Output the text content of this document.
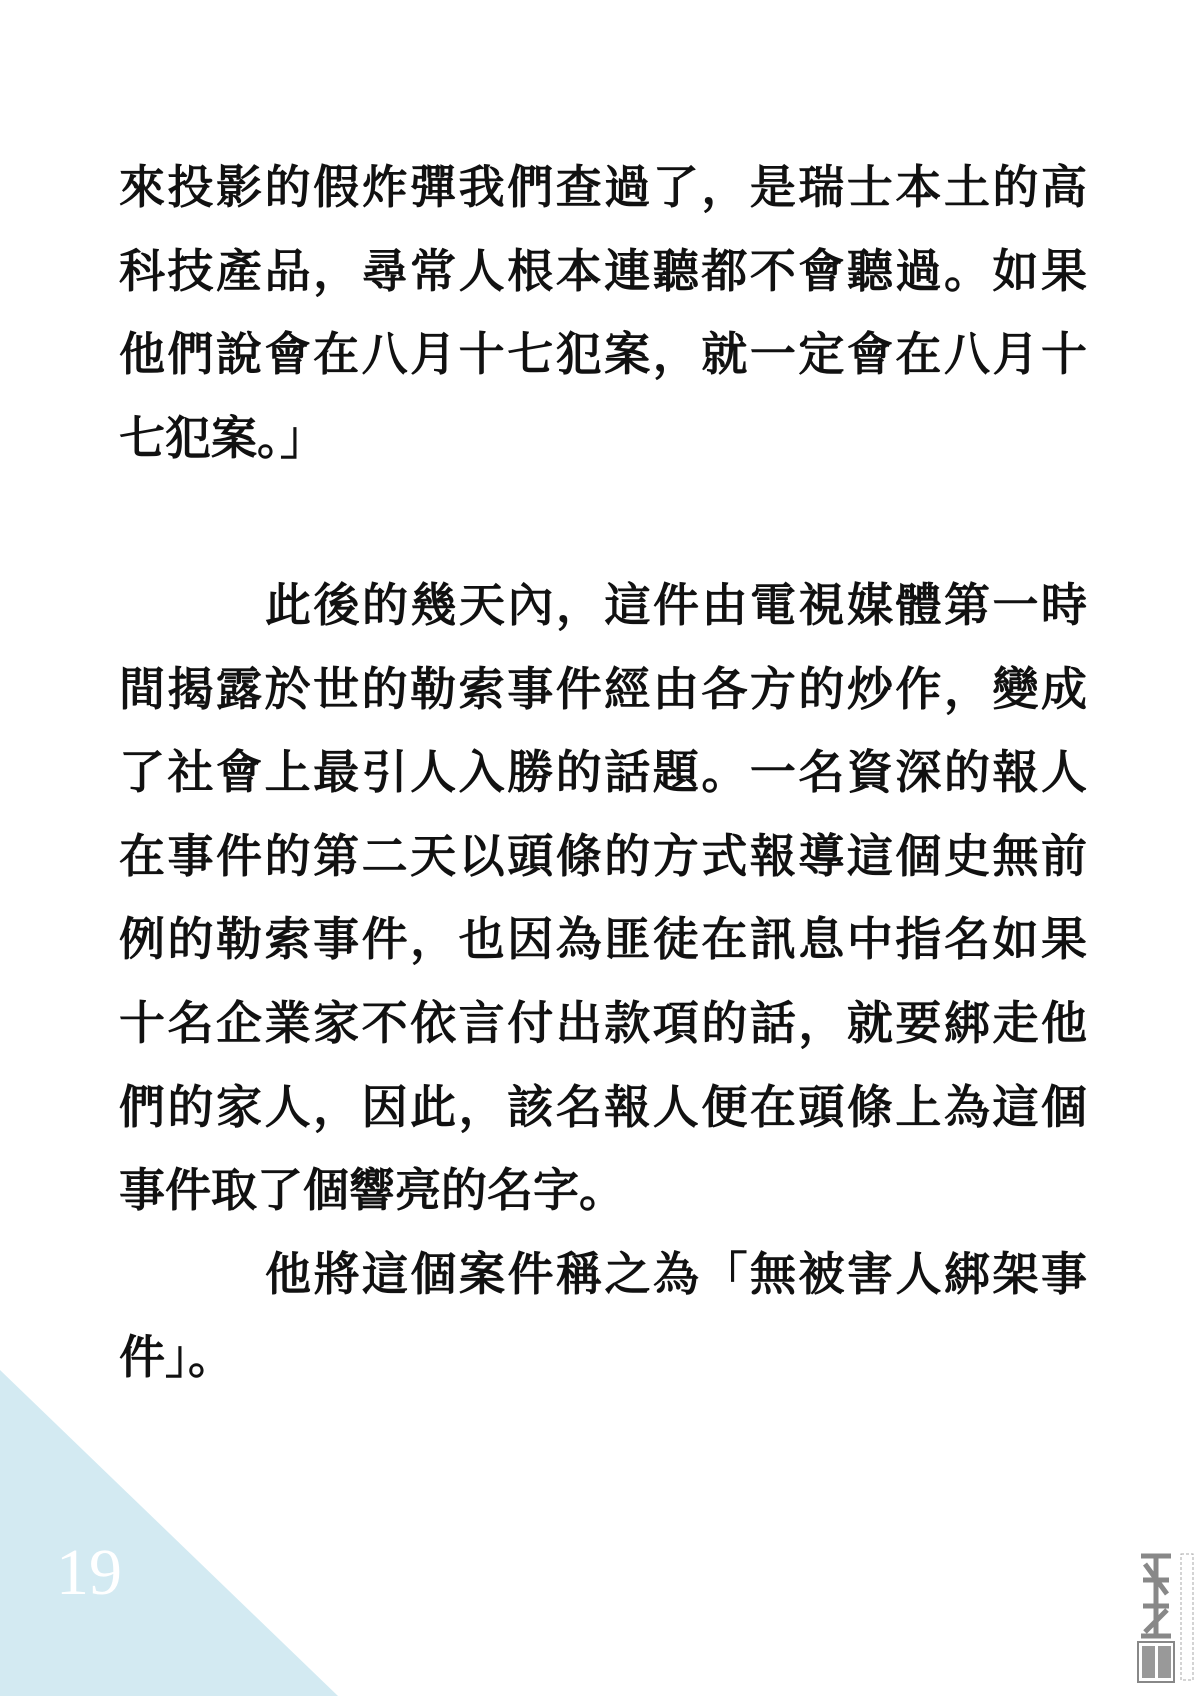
來投影的假炸彈我們查過了，是瑞士本土的高
科技產品，尋常人根本連聽都不會聽過。如果
他們說會在八月十七犯案，就一定會在八月十
七犯案。」
此後的幾天內，這件由電視媒體第一時
間揭露於世的勒索事件經由各方的炒作，變成
了社會上最引人入勝的話題。一名資深的報人
在事件的第二天以頭條的方式報導這個史無前
例的勒索事件，也因為匪徒在訊息中指名如果
十名企業家不依言付出款項的話，就要綁走他
們的家人，因此，該名報人便在頭條上為這個
事件取了個響亮的名字。
他將這個案件稱之為「無被害人綁架事
件」。
19
